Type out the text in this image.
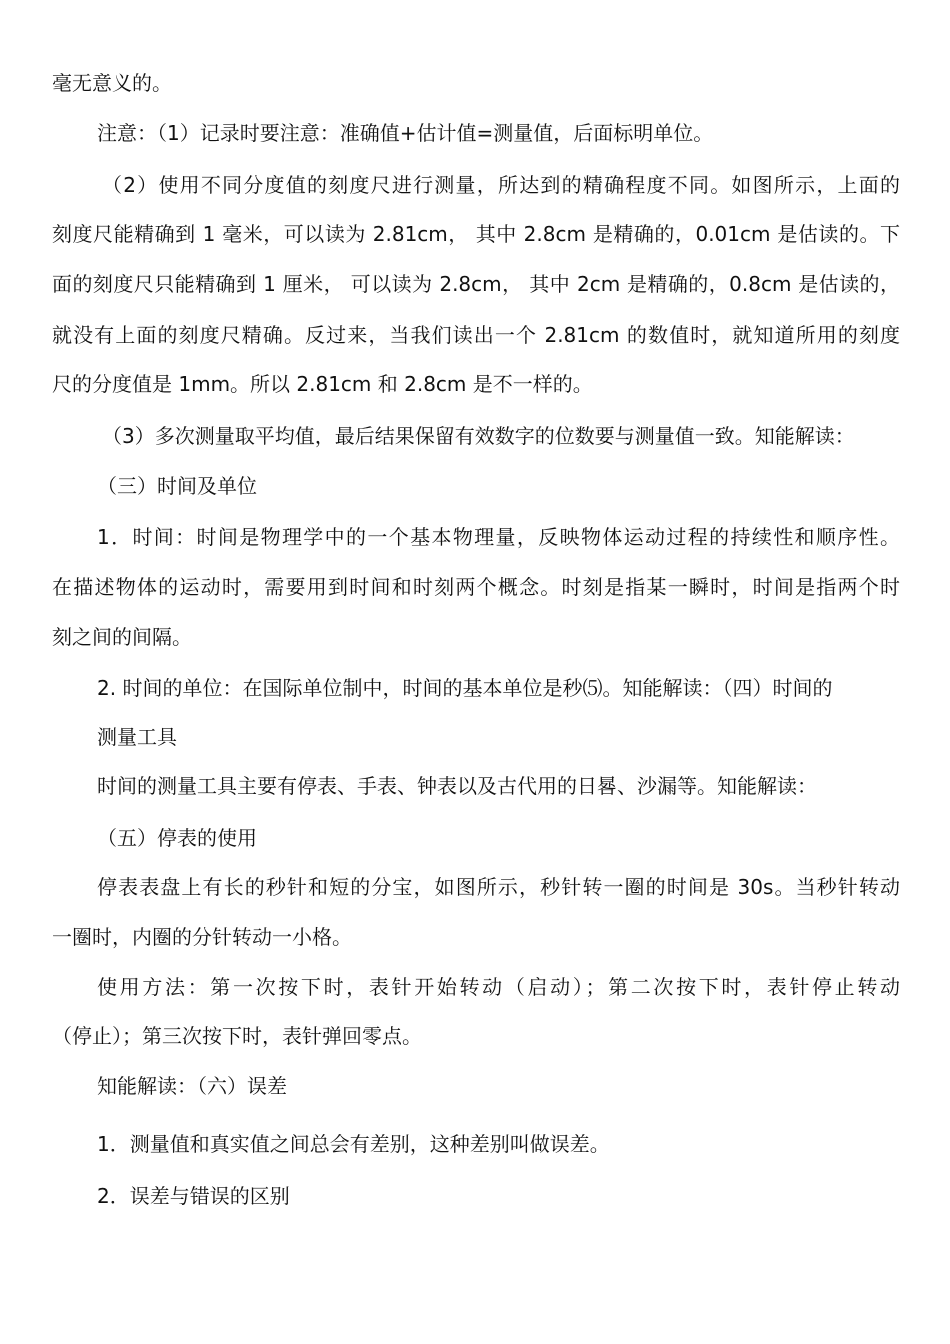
毫无意义的。
注意：（1）记录时要注意：准确值+估计值=测量值，后面标明单位。
（2）使用不同分度值的刻度尺进行测量，所达到的精确程度不同。如图所示，上面的
刻度尺能精确到 1 毫米，可以读为 2.81cm， 其中 2.8cm 是精确的，0.01cm 是估读的。下
面的刻度尺只能精确到 1 厘米， 可以读为 2.8cm， 其中 2cm 是精确的，0.8cm 是估读的，
就没有上面的刻度尺精确。反过来，当我们读出一个 2.81cm 的数值时，就知道所用的刻度
尺的分度值是 1mm。所以 2.81cm 和 2.8cm 是不一样的。
（3）多次测量取平均值，最后结果保留有效数字的位数要与测量值一致。知能解读：
（三）时间及单位
1．时间：时间是物理学中的一个基本物理量，反映物体运动过程的持续性和顺序性。
在描述物体的运动时，需要用到时间和时刻两个概念。时刻是指某一瞬时，时间是指两个时
刻之间的间隔。
2. 时间的单位：在国际单位制中，时间的基本单位是秒⑸。知能解读：（四）时间的
测量工具
时间的测量工具主要有停表、手表、钟表以及古代用的日晷、沙漏等。知能解读：
（五）停表的使用
停表表盘上有长的秒针和短的分宝，如图所示，秒针转一圈的时间是 30s。当秒针转动
一圈时，内圈的分针转动一小格。
使用方法：第一次按下时，表针开始转动（启动）；第二次按下时，表针停止转动
（停止）；第三次按下时，表针弹回零点。
知能解读：（六）误差
1．测量值和真实值之间总会有差别，这种差别叫做误差。
2．误差与错误的区别
